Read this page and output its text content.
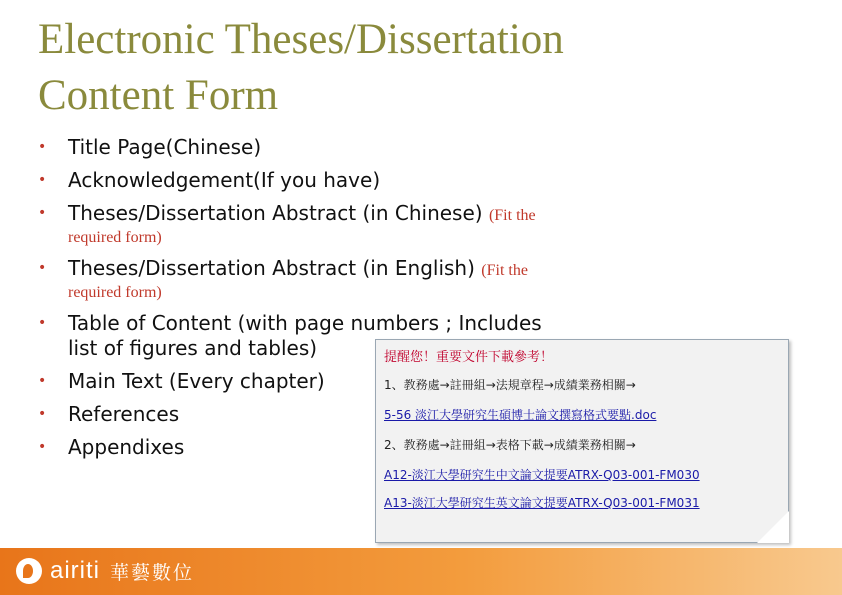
Electronic Theses/Dissertation
Content Form
• Title Page(Chinese)
• Acknowledgement(If you have)
• Theses/Dissertation Abstract (in Chinese) (Fit the
required form)
• Theses/Dissertation Abstract (in English) (Fit the
required form)
• Table of Content (with page numbers ; Includes
list of figures and tables)
• Main Text (Every chapter)
• References
• Appendixes
提醒您！重要文件下載參考！
1、教務處→註冊組→法規章程→成績業務相關→
5-56 淡江大學研究生碩博士論文撰寫格式要點.doc
2、教務處→註冊組→表格下載→成績業務相關→
A12-淡江大學研究生中文論文提要ATRX-Q03-001-FM030
A13-淡江大學研究生英文論文提要ATRX-Q03-001-FM031
airiti 華藝數位
